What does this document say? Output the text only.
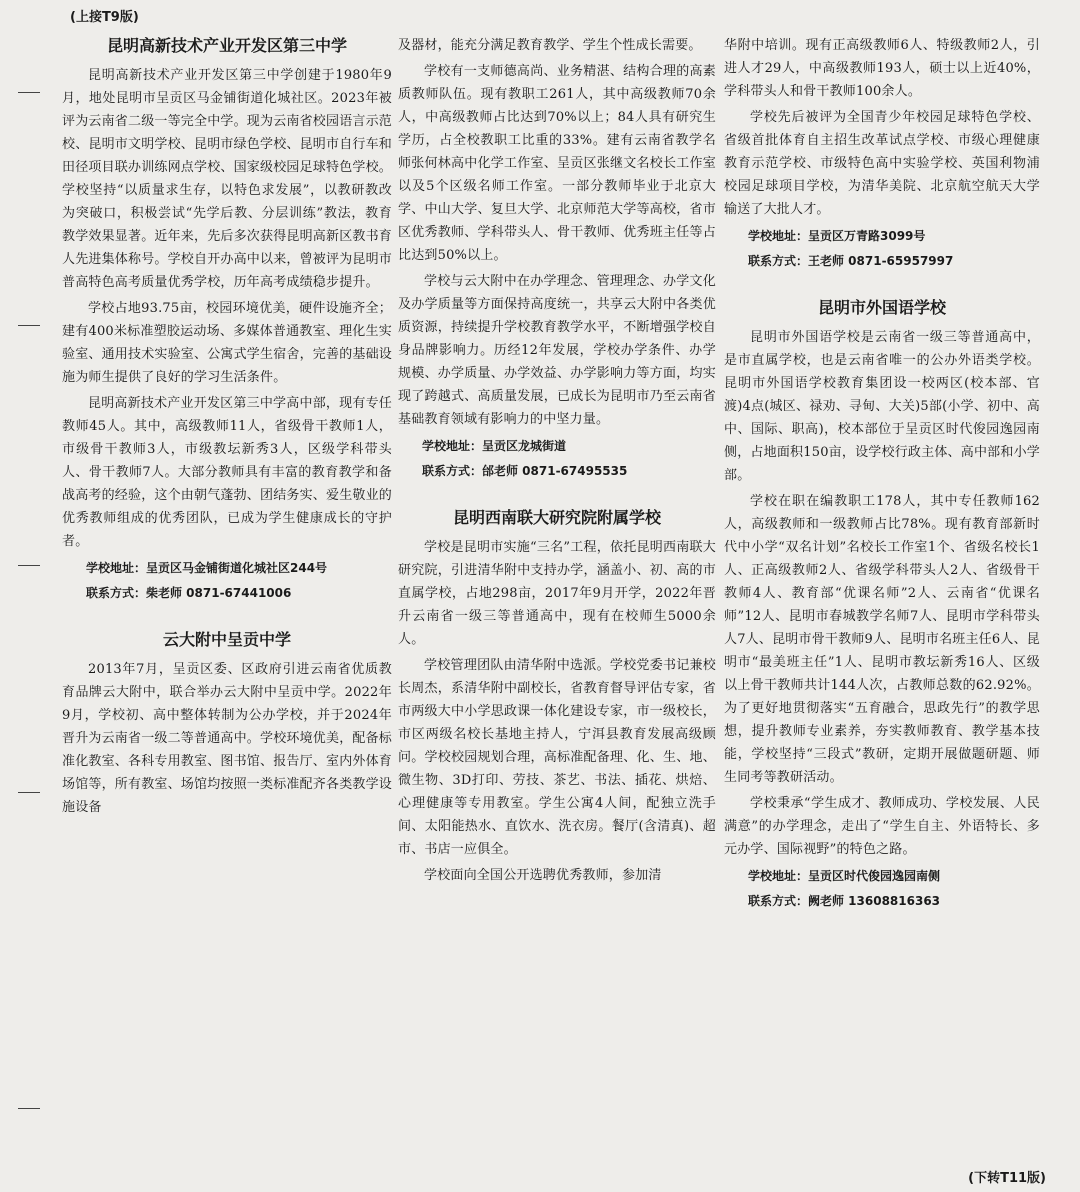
(上接T9版)
昆明高新技术产业开发区第三中学

昆明高新技术产业开发区第三中学创建于1980年9月，地处昆明市呈贡区马金铺街道化城社区。2023年被评为云南省二级一等完全中学。现为云南省校园语言示范校、昆明市文明学校、昆明市绿色学校、昆明市自行车和田径项目联办训练网点学校、国家级校园足球特色学校。学校坚持“以质量求生存，以特色求发展”，以教研教改为突破口，积极尝试“先学后教、分层训练”教法，教育教学效果显著。近年来，先后多次获得昆明高新区教书育人先进集体称号。学校自开办高中以来，曾被评为昆明市普高特色高考质量优秀学校，历年高考成绩稳步提升。

学校占地93.75亩，校园环境优美，硬件设施齐全；建有400米标准塑胶运动场、多媒体普通教室、理化生实验室、通用技术实验室、公寓式学生宿舍，完善的基础设施为师生提供了良好的学习生活条件。

昆明高新技术产业开发区第三中学高中部，现有专任教师45人。其中，高级教师11人，省级骨干教师1人，市级骨干教师3人，市级教坛新秀3人，区级学科带头人、骨干教师7人。大部分教师具有丰富的教育教学和备战高考的经验，这个由朝气蓬勃、团结务实、爱生敬业的优秀教师组成的优秀团队，已成为学生健康成长的守护者。

学校地址：呈贡区马金铺街道化城社区244号
联系方式：柴老师 0871-67441006
云大附中呈贡中学

2013年7月，呈贡区委、区政府引进云南省优质教育品牌云大附中，联合举办云大附中呈贡中学。2022年9月，学校初、高中整体转制为公办学校，并于2024年晋升为云南省一级二等普通高中。学校环境优美，配备标准化教室、各科专用教室、图书馆、报告厅、室内外体育场馆等，所有教室、场馆均按照一类标准配齐各类教学设施设备

及器材，能充分满足教育教学、学生个性成长需要。

学校有一支师德高尚、业务精湛、结构合理的高素质教师队伍。现有教职工261人，其中高级教师70余人，中高级教师占比达到70%以上；84人具有研究生学历，占全校教职工比重的33%。建有云南省教学名师张何林高中化学工作室、呈贡区张继文名校长工作室以及5个区级名师工作室。一部分教师毕业于北京大学、中山大学、复旦大学、北京师范大学等高校，省市区优秀教师、学科带头人、骨干教师、优秀班主任等占比达到50%以上。

学校与云大附中在办学理念、管理理念、办学文化及办学质量等方面保持高度统一，共享云大附中各类优质资源，持续提升学校教育教学水平，不断增强学校自身品牌影响力。历经12年发展，学校办学条件、办学规模、办学质量、办学效益、办学影响力等方面，均实现了跨越式、高质量发展，已成长为昆明市乃至云南省基础教育领域有影响力的中坚力量。

学校地址：呈贡区龙城街道
联系方式：邰老师 0871-67495535
昆明西南联大研究院附属学校

学校是昆明市实施“三名”工程，依托昆明西南联大研究院，引进清华附中支持办学，涵盖小、初、高的市直属学校，占地298亩，2017年9月开学，2022年晋升云南省一级三等普通高中，现有在校师生5000余人。

学校管理团队由清华附中选派。学校党委书记兼校长周杰，系清华附中副校长，省教育督导评估专家，省市两级大中小学思政课一体化建设专家，市一级校长，市区两级名校长基地主持人，宁洱县教育发展高级顾问。学校校园规划合理，高标准配备理、化、生、地、微生物、3D打印、劳技、茶艺、书法、插花、烘焙、心理健康等专用教室。学生公寓4人间，配独立洗手间、太阳能热水、直饮水、洗衣房。餐厅(含清真)、超市、书店一应俱全。

学校面向全国公开选聘优秀教师，参加清

华附中培训。现有正高级教师6人、特级教师2人，引进人才29人，中高级教师193人，硕士以上近40%，学科带头人和骨干教师100余人。

学校先后被评为全国青少年校园足球特色学校、省级首批体育自主招生改革试点学校、市级心理健康教育示范学校、市级特色高中实验学校、英国利物浦校园足球项目学校，为清华美院、北京航空航天大学输送了大批人才。

学校地址：呈贡区万青路3099号
联系方式：王老师 0871-65957997
昆明市外国语学校

昆明市外国语学校是云南省一级三等普通高中，是市直属学校，也是云南省唯一的公办外语类学校。昆明市外国语学校教育集团设一校两区(校本部、官渡)4点(城区、禄劝、寻甸、大关)5部(小学、初中、高中、国际、职高)，校本部位于呈贡区时代俊园逸园南侧，占地面积150亩，设学校行政主体、高中部和小学部。

学校在职在编教职工178人，其中专任教师162人，高级教师和一级教师占比78%。现有教育部新时代中小学“双名计划”名校长工作室1个、省级名校长1人、正高级教师2人、省级学科带头人2人、省级骨干教师4人、教育部“优课名师”2人、云南省“优课名师”12人、昆明市春城教学名师7人、昆明市学科带头人7人、昆明市骨干教师9人、昆明市名班主任6人、昆明市“最美班主任”1人、昆明市教坛新秀16人、区级以上骨干教师共计144人次，占教师总数的62.92%。为了更好地贯彻落实“五育融合，思政先行”的教学思想，提升教师专业素养，夯实教师教育、教学基本技能，学校坚持“三段式”教研，定期开展做题研题、师生同考等教研活动。

学校秉承“学生成才、教师成功、学校发展、人民满意”的办学理念，走出了“学生自主、外语特长、多元办学、国际视野”的特色之路。

学校地址：呈贡区时代俊园逸园南侧
联系方式：阙老师 13608816363
(下转T11版)
